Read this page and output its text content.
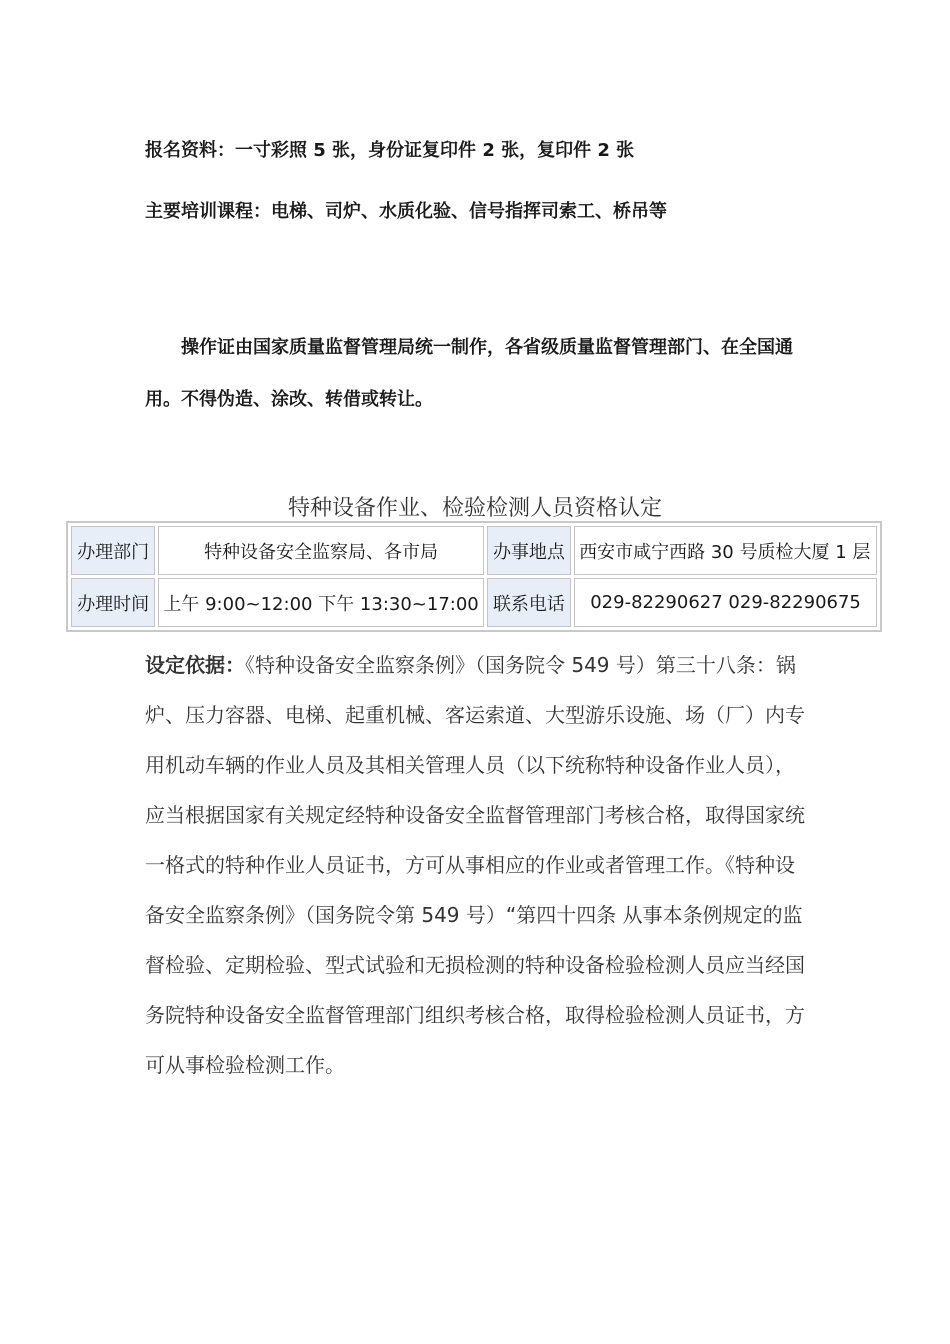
报名资料：一寸彩照 5 张，身份证复印件 2 张，复印件 2 张
主要培训课程：电梯、司炉、水质化验、信号指挥司索工、桥吊等
操作证由国家质量监督管理局统一制作，各省级质量监督管理部门、在全国通用。不得伪造、涂改、转借或转让。
特种设备作业、检验检测人员资格认定
办理部门	特种设备安全监察局、各市局	办事地点	西安市咸宁西路 30 号质检大厦 1 层
办理时间	上午 9:00~12:00 下午 13:30~17:00	联系电话	029-82290627 029-82290675
设定依据：《特种设备安全监察条例》（国务院令 549 号）第三十八条：锅炉、压力容器、电梯、起重机械、客运索道、大型游乐设施、场（厂）内专用机动车辆的作业人员及其相关管理人员（以下统称特种设备作业人员），应当根据国家有关规定经特种设备安全监督管理部门考核合格，取得国家统一格式的特种作业人员证书，方可从事相应的作业或者管理工作。《特种设备安全监察条例》（国务院令第 549 号）“第四十四条 从事本条例规定的监督检验、定期检验、型式试验和无损检测的特种设备检验检测人员应当经国务院特种设备安全监督管理部门组织考核合格，取得检验检测人员证书，方可从事检验检测工作。
